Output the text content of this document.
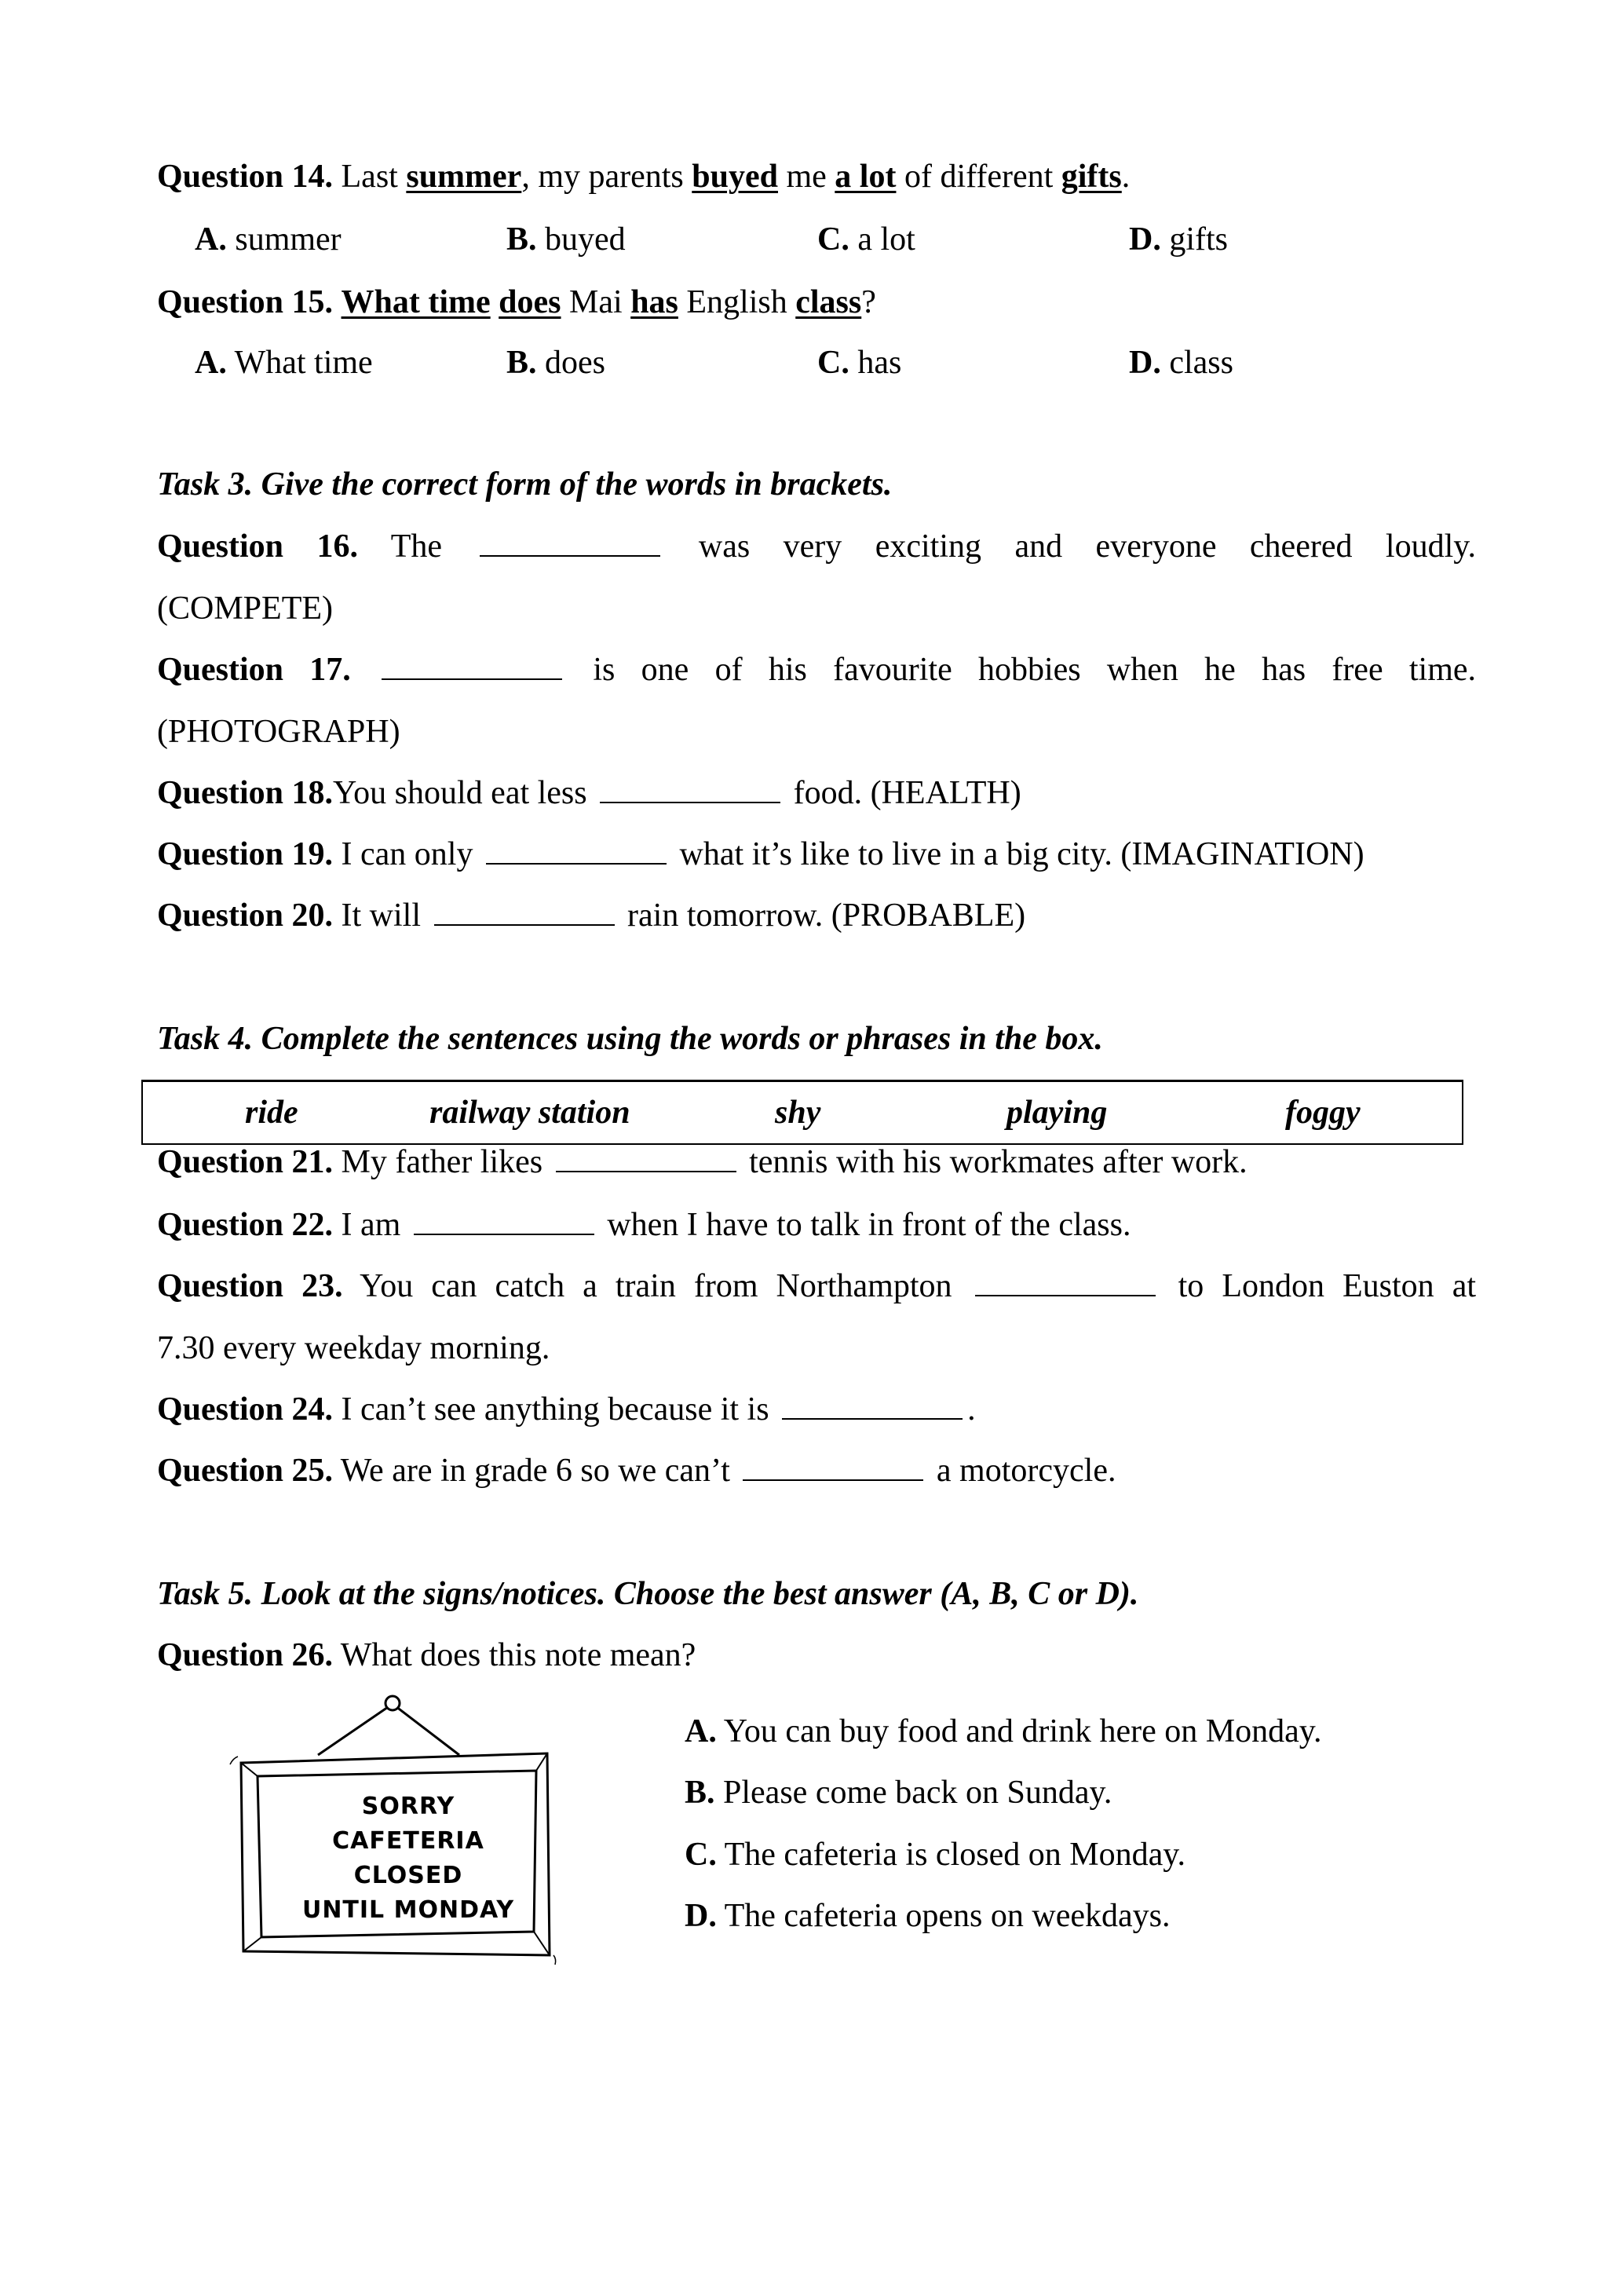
Question 14. Last summer, my parents buyed me a lot of different gifts.
A. summer	B. buyed	C. a lot	D. gifts
Question 15. What time does Mai has English class?
A. What time	B. does	C. has	D. class
Task 3. Give the correct form of the words in brackets.
Question 16. The	was very exciting and everyone cheered loudly.
(COMPETE)
Question 17.	is one of his favourite hobbies when he has free time.
(PHOTOGRAPH)
Question 18.You should eat less	food. (HEALTH)
Question 19. I can only	what it’s like to live in a big city. (IMAGINATION)
Question 20. It will	rain tomorrow. (PROBABLE)
Task 4. Complete the sentences using the words or phrases in the box.
ride	railway station	shy	playing	foggy
Question 21. My father likes	tennis with his workmates after work.
Question 22. I am	when I have to talk in front of the class.
Question 23. You can catch a train from Northampton	to London Euston at
7.30 every weekday morning.
Question 24. I can’t see anything because it is	.
Question 25. We are in grade 6 so we can’t	a motorcycle.
Task 5. Look at the signs/notices. Choose the best answer (A, B, C or D).
Question 26. What does this note mean?
SORRY
CAFETERIA
CLOSED
UNTIL MONDAY
A. You can buy food and drink here on Monday.
B. Please come back on Sunday.
C. The cafeteria is closed on Monday.
D. The cafeteria opens on weekdays.
